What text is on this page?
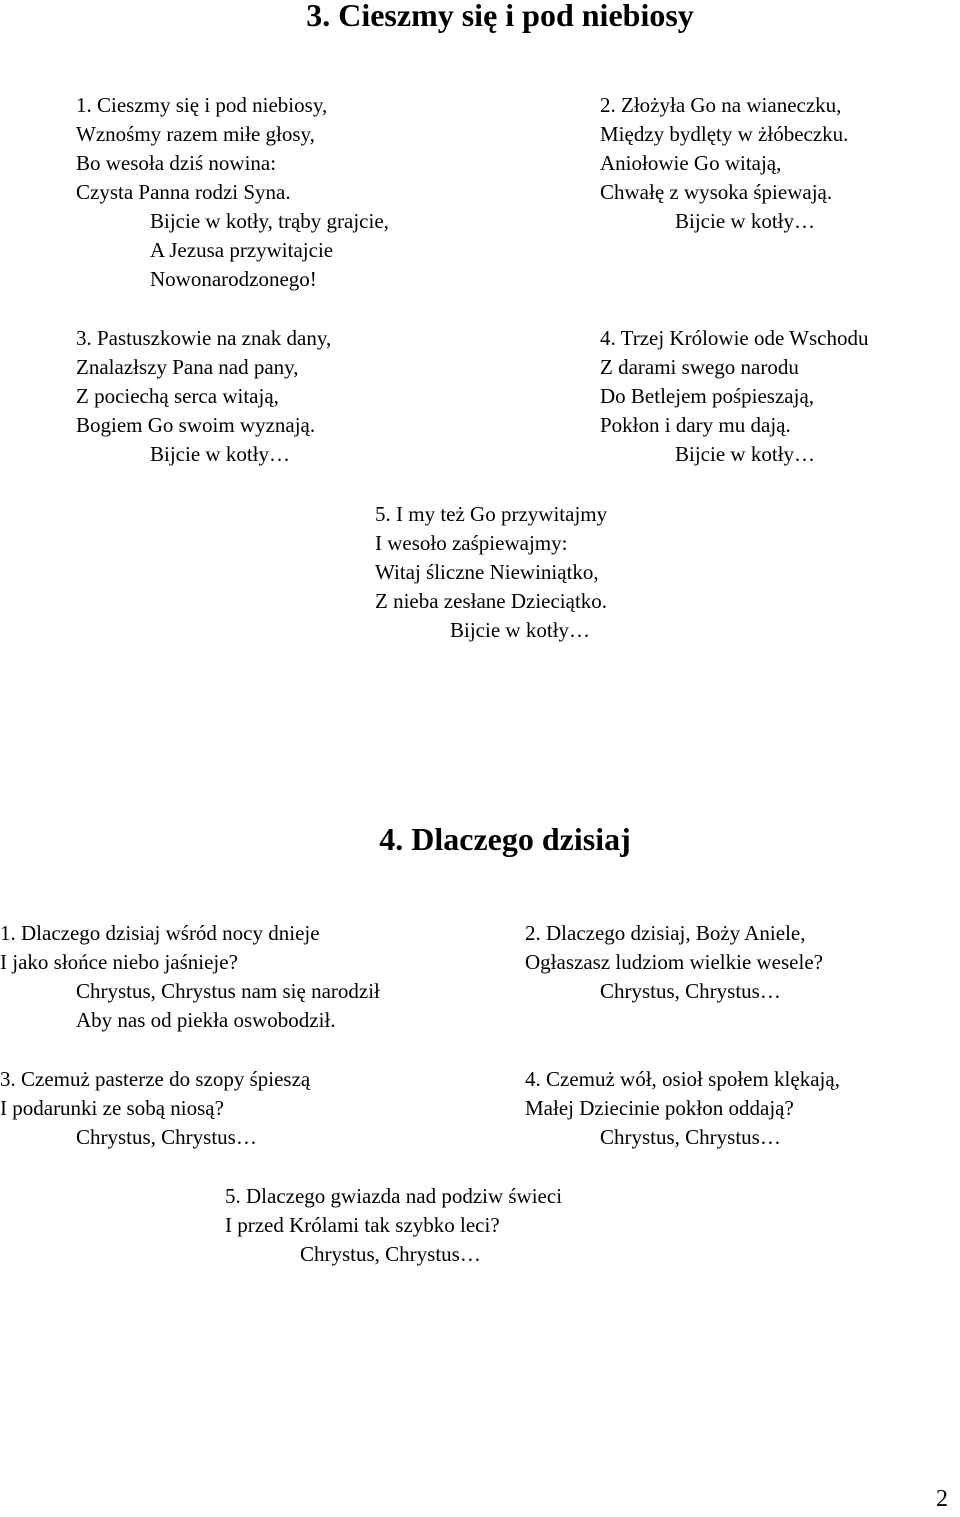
3. Cieszmy się i pod niebiosy
1. Cieszmy się i pod niebiosy,
Wznośmy razem miłe głosy,
Bo wesoła dziś nowina:
Czysta Panna rodzi Syna.
Bijcie w kotły, trąby grajcie,
A Jezusa przywitajcie
Nowonarodzonego!
2. Złożyła Go na wianeczku,
Między bydlęty w żłóbeczku.
Aniołowie Go witają,
Chwałę z wysoka śpiewają.
Bijcie w kotły…
3. Pastuszkowie na znak dany,
Znalazłszy Pana nad pany,
Z pociechą serca witają,
Bogiem Go swoim wyznają.
Bijcie w kotły…
4. Trzej Królowie ode Wschodu
Z darami swego narodu
Do Betlejem pośpieszają,
Pokłon i dary mu dają.
Bijcie w kotły…
5. I my też Go przywitajmy
I wesoło zaśpiewajmy:
Witaj śliczne Niewiniątko,
Z nieba zesłane Dzieciątko.
Bijcie w kotły…
4. Dlaczego dzisiaj
1. Dlaczego dzisiaj wśród nocy dnieje
I jako słońce niebo jaśnieje?
Chrystus, Chrystus nam się narodził
Aby nas od piekła oswobodził.
2. Dlaczego dzisiaj, Boży Aniele,
Ogłaszasz ludziom wielkie wesele?
Chrystus, Chrystus…
3. Czemuż pasterze do szopy śpieszą
I podarunki ze sobą niosą?
Chrystus, Chrystus…
4. Czemuż wół, osioł społem klękają,
Małej Dziecinie pokłon oddają?
Chrystus, Chrystus…
5. Dlaczego gwiazda nad podziw świeci
I przed Królami tak szybko leci?
Chrystus, Chrystus…
2
